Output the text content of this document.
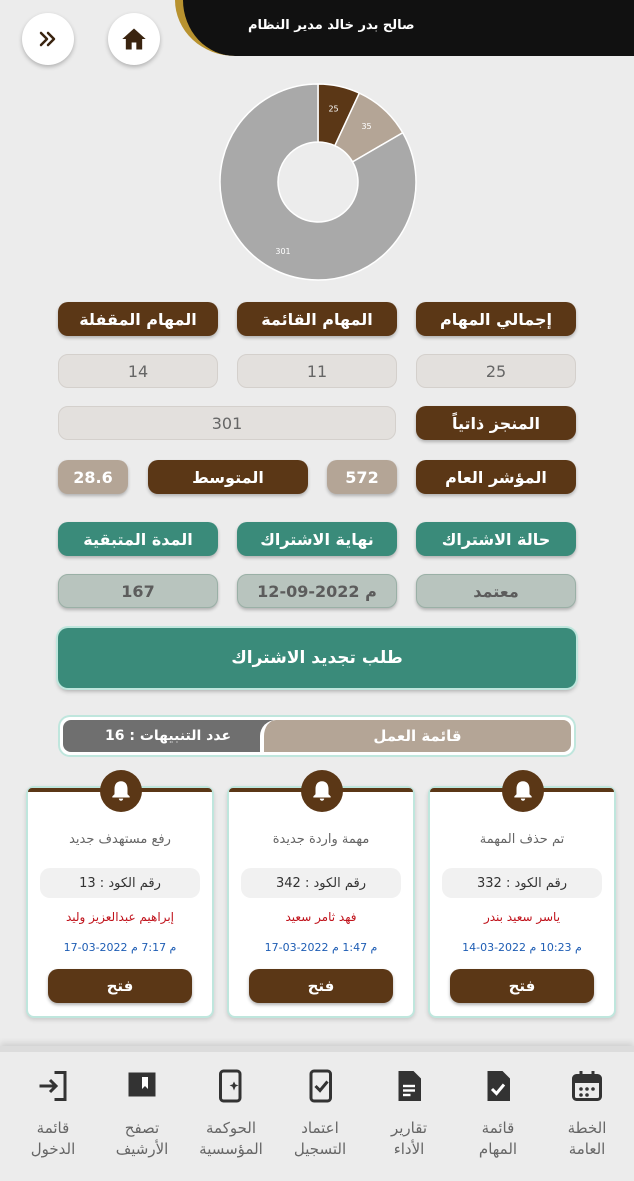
صالح بدر خالد مدير النظام
25
35
301
إجمالي المهام
المهام القائمة
المهام المقفلة
25
11
14
المنجز ذاتياً
301
المؤشر العام
572
المتوسط
28.6
حالة الاشتراك
نهاية الاشتراك
المدة المتبقية
معتمد
12-09-2022 م
167
طلب تجديد الاشتراك
عدد التنبيهات : 16	قائمة العمل
تم حذف المهمة
رقم الكود : 332
ياسر سعيد بندر
14-03-2022 م 10:23 م
فتح
مهمة واردة جديدة
رقم الكود : 342
فهد ثامر سعيد
17-03-2022 م 1:47 م
فتح
رفع مستهدف جديد
رقم الكود : 13
إبراهيم عبدالعزيز وليد
17-03-2022 م 7:17 م
فتح
الخطة
العامة
قائمة
المهام
تقارير
الأداء
اعتماد
التسجيل
الحوكمة
المؤسسية
تصفح
الأرشيف
قائمة
الدخول
